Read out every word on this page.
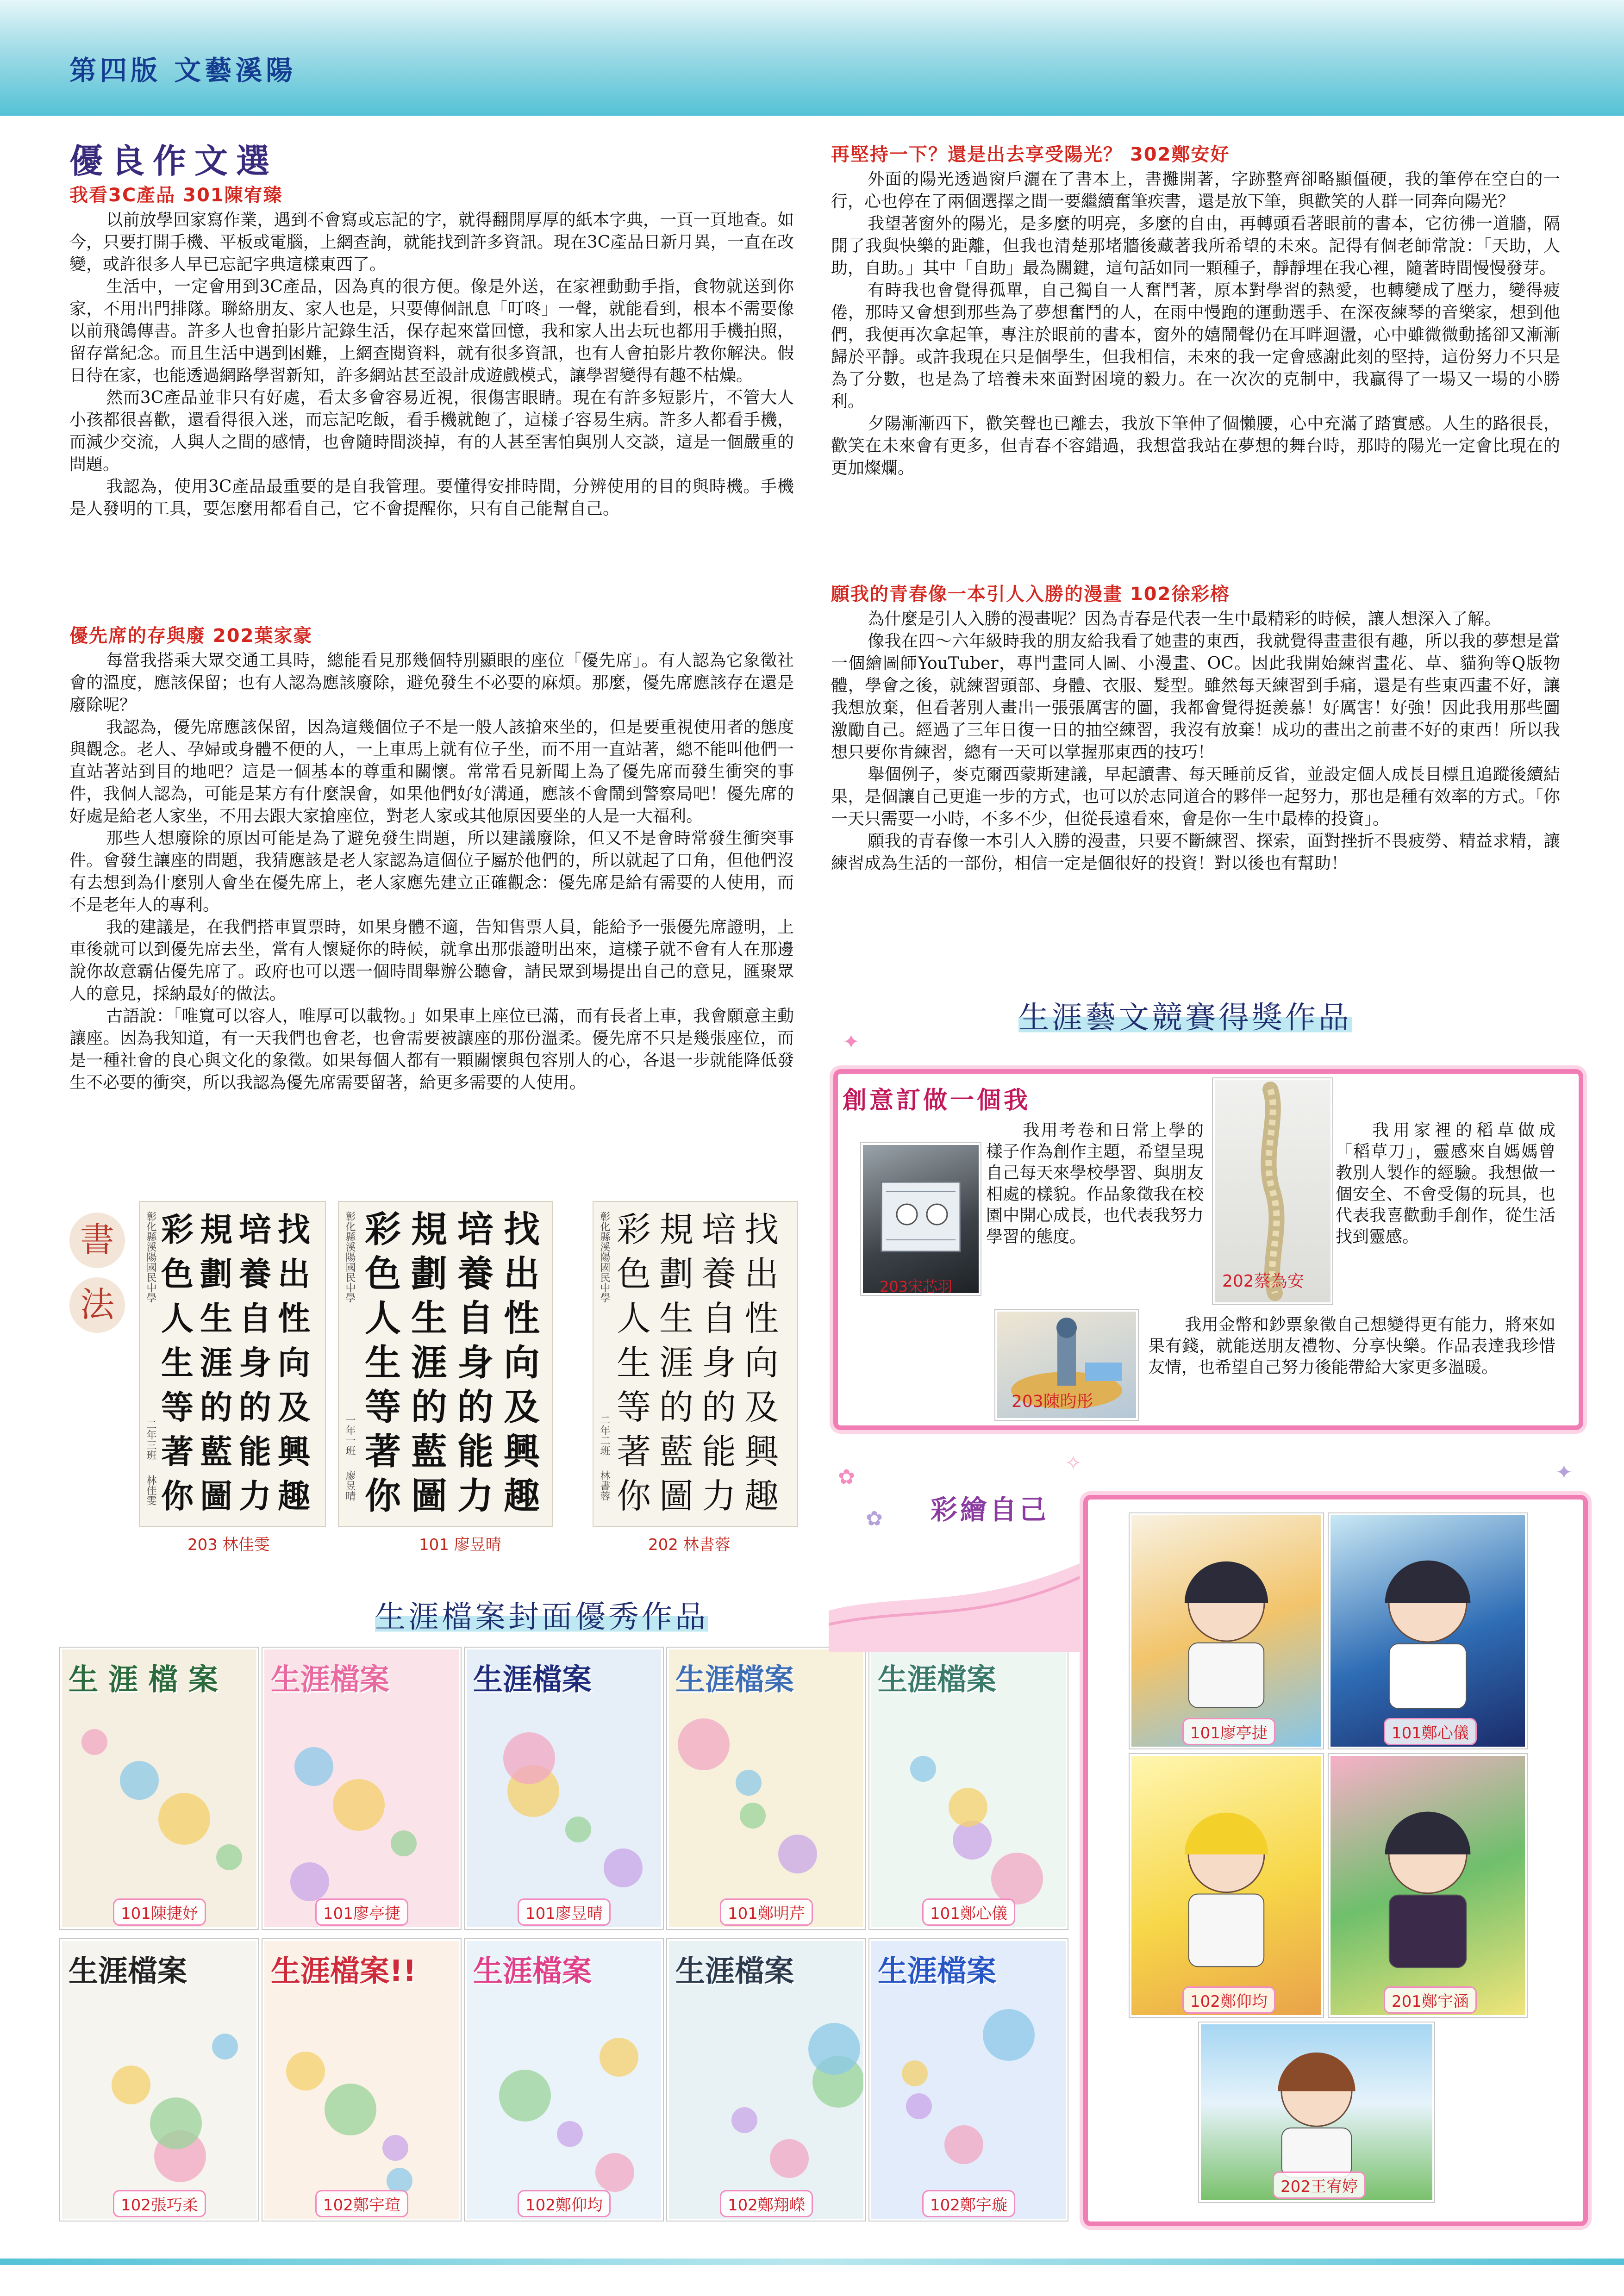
第四版 文藝溪陽
優良作文選
我看3C產品 301陳宥臻

以前放學回家寫作業，遇到不會寫或忘記的字，就得翻開厚厚的紙本字典，一頁一頁地查。如今，只要打開手機、平板或電腦，上網查詢，就能找到許多資訊。現在3C產品日新月異，一直在改變，或許很多人早已忘記字典這樣東西了。

生活中，一定會用到3C產品，因為真的很方便。像是外送，在家裡動動手指，食物就送到你家，不用出門排隊。聯絡朋友、家人也是，只要傳個訊息「叮咚」一聲，就能看到，根本不需要像以前飛鴿傳書。許多人也會拍影片記錄生活，保存起來當回憶，我和家人出去玩也都用手機拍照，留存當紀念。而且生活中遇到困難，上網查閱資料，就有很多資訊，也有人會拍影片教你解決。假日待在家，也能透過網路學習新知，許多網站甚至設計成遊戲模式，讓學習變得有趣不枯燥。

然而3C產品並非只有好處，看太多會容易近視，很傷害眼睛。現在有許多短影片，不管大人小孩都很喜歡，還看得很入迷，而忘記吃飯，看手機就飽了，這樣子容易生病。許多人都看手機，而減少交流，人與人之間的感情，也會隨時間淡掉，有的人甚至害怕與別人交談，這是一個嚴重的問題。

我認為，使用3C產品最重要的是自我管理。要懂得安排時間，分辨使用的目的與時機。手機是人發明的工具，要怎麼用都看自己，它不會提醒你，只有自己能幫自己。

優先席的存與廢 202葉家豪

每當我搭乘大眾交通工具時，總能看見那幾個特別顯眼的座位「優先席」。有人認為它象徵社會的溫度，應該保留；也有人認為應該廢除，避免發生不必要的麻煩。那麼，優先席應該存在還是廢除呢？

我認為，優先席應該保留，因為這幾個位子不是一般人該搶來坐的，但是要重視使用者的態度與觀念。老人、孕婦或身體不便的人，一上車馬上就有位子坐，而不用一直站著，總不能叫他們一直站著站到目的地吧？這是一個基本的尊重和關懷。常常看見新聞上為了優先席而發生衝突的事件，我個人認為，可能是某方有什麼誤會，如果他們好好溝通，應該不會鬧到警察局吧！優先席的好處是給老人家坐，不用去跟大家搶座位，對老人家或其他原因要坐的人是一大福利。

那些人想廢除的原因可能是為了避免發生問題，所以建議廢除，但又不是會時常發生衝突事件。會發生讓座的問題，我猜應該是老人家認為這個位子屬於他們的，所以就起了口角，但他們沒有去想到為什麼別人會坐在優先席上，老人家應先建立正確觀念：優先席是給有需要的人使用，而不是老年人的專利。

我的建議是，在我們搭車買票時，如果身體不適，告知售票人員，能給予一張優先席證明，上車後就可以到優先席去坐，當有人懷疑你的時候，就拿出那張證明出來，這樣子就不會有人在那邊說你故意霸佔優先席了。政府也可以選一個時間舉辦公聽會，請民眾到場提出自己的意見，匯聚眾人的意見，採納最好的做法。

古語說：「唯寬可以容人，唯厚可以載物。」如果車上座位已滿，而有長者上車，我會願意主動讓座。因為我知道，有一天我們也會老，也會需要被讓座的那份溫柔。優先席不只是幾張座位，而是一種社會的良心與文化的象徵。如果每個人都有一顆關懷與包容別人的心，各退一步就能降低發生不必要的衝突，所以我認為優先席需要留著，給更多需要的人使用。

再堅持一下？還是出去享受陽光？ 302鄭安好

外面的陽光透過窗戶灑在了書本上，書攤開著，字跡整齊卻略顯僵硬，我的筆停在空白的一行，心也停在了兩個選擇之間一要繼續奮筆疾書，還是放下筆，與歡笑的人群一同奔向陽光？

我望著窗外的陽光，是多麼的明亮，多麼的自由，再轉頭看著眼前的書本，它彷彿一道牆，隔開了我與快樂的距離，但我也清楚那堵牆後藏著我所希望的未來。記得有個老師常說：「天助，人助，自助。」其中「自助」最為關鍵，這句話如同一顆種子，靜靜埋在我心裡，隨著時間慢慢發芽。

有時我也會覺得孤單，自己獨自一人奮鬥著，原本對學習的熱愛，也轉變成了壓力，變得疲倦，那時又會想到那些為了夢想奮鬥的人，在雨中慢跑的運動選手、在深夜練琴的音樂家，想到他們，我便再次拿起筆，專注於眼前的書本，窗外的嬉鬧聲仍在耳畔迴盪，心中雖微微動搖卻又漸漸歸於平靜。或許我現在只是個學生，但我相信，未來的我一定會感謝此刻的堅持，這份努力不只是為了分數，也是為了培養未來面對困境的毅力。在一次次的克制中，我贏得了一場又一場的小勝利。

夕陽漸漸西下，歡笑聲也已離去，我放下筆伸了個懶腰，心中充滿了踏實感。人生的路很長，歡笑在未來會有更多，但青春不容錯過，我想當我站在夢想的舞台時，那時的陽光一定會比現在的更加燦爛。

願我的青春像一本引人入勝的漫畫 102徐彩榕

為什麼是引人入勝的漫畫呢？因為青春是代表一生中最精彩的時候，讓人想深入了解。

像我在四～六年級時我的朋友給我看了她畫的東西，我就覺得畫畫很有趣，所以我的夢想是當一個繪圖師YouTuber，專門畫同人圖、小漫畫、OC。因此我開始練習畫花、草、貓狗等Q版物體，學會之後，就練習頭部、身體、衣服、髮型。雖然每天練習到手痛，還是有些東西畫不好，讓我想放棄，但看著別人畫出一張張厲害的圖，我都會覺得挺羨慕！好厲害！好強！因此我用那些圖激勵自己。經過了三年日復一日的抽空練習，我沒有放棄！成功的畫出之前畫不好的東西！所以我想只要你肯練習，總有一天可以掌握那東西的技巧！

舉個例子，麥克爾西蒙斯建議，早起讀書、每天睡前反省，並設定個人成長目標且追蹤後續結果，是個讓自己更進一步的方式，也可以於志同道合的夥伴一起努力，那也是種有效率的方式。「你一天只需要一小時，不多不少，但從長遠看來，會是你一生中最棒的投資」。

願我的青春像一本引人入勝的漫畫，只要不斷練習、探索，面對挫折不畏疲勞、精益求精，讓練習成為生活的一部份，相信一定是個很好的投資！對以後也有幫助！

書
法
彰化縣溪陽國民中學
二年三班
林佳雯
找
出
性
向
及
興
趣
培
養
自
身
的
能
力
規
劃
生
涯
的
藍
圖
彩
色
人
生
等
著
你
203 林佳雯
彰化縣溪陽國民中學
一年一班
廖昱晴
找
出
性
向
及
興
趣
培
養
自
身
的
能
力
規
劃
生
涯
的
藍
圖
彩
色
人
生
等
著
你
101 廖昱晴
彰化縣溪陽國民中學
二年二班
林書蓉
找
出
性
向
及
興
趣
培
養
自
身
的
能
力
規
劃
生
涯
的
藍
圖
彩
色
人
生
等
著
你
202 林書蓉
生涯檔案封面優秀作品
生 涯 檔 案
101陳捷妤
生涯檔案
101廖亭捷
生涯檔案
101廖昱晴
生涯檔案
101鄭明芹
生涯檔案
101鄭心儀
生涯檔案
102張巧柔
生涯檔案!!
102鄭宇瑄
生涯檔案
102鄭仰均
生涯檔案
102鄭翔嶸
生涯檔案
102鄭宇璇
生涯藝文競賽得獎作品
創意訂做一個我
203宋芯羽

我用考卷和日常上學的樣子作為創作主題，希望呈現自己每天來學校學習、與朋友相處的樣貌。作品象徵我在校園中開心成長，也代表我努力學習的態度。

202蔡為安

我用家裡的稻草做成「稻草刀」，靈感來自媽媽曾教別人製作的經驗。我想做一個安全、不會受傷的玩具，也代表我喜歡動手創作，從生活找到靈感。

203陳昀彤

我用金幣和鈔票象徵自己想變得更有能力，將來如果有錢，就能送朋友禮物、分享快樂。作品表達我珍惜友情，也希望自己努力後能帶給大家更多溫暖。

彩繪自己
✿
✿
✧
✦
✦
101廖亭捷	101鄭心儀
102鄭仰均	201鄭宇涵
202王宥婷
